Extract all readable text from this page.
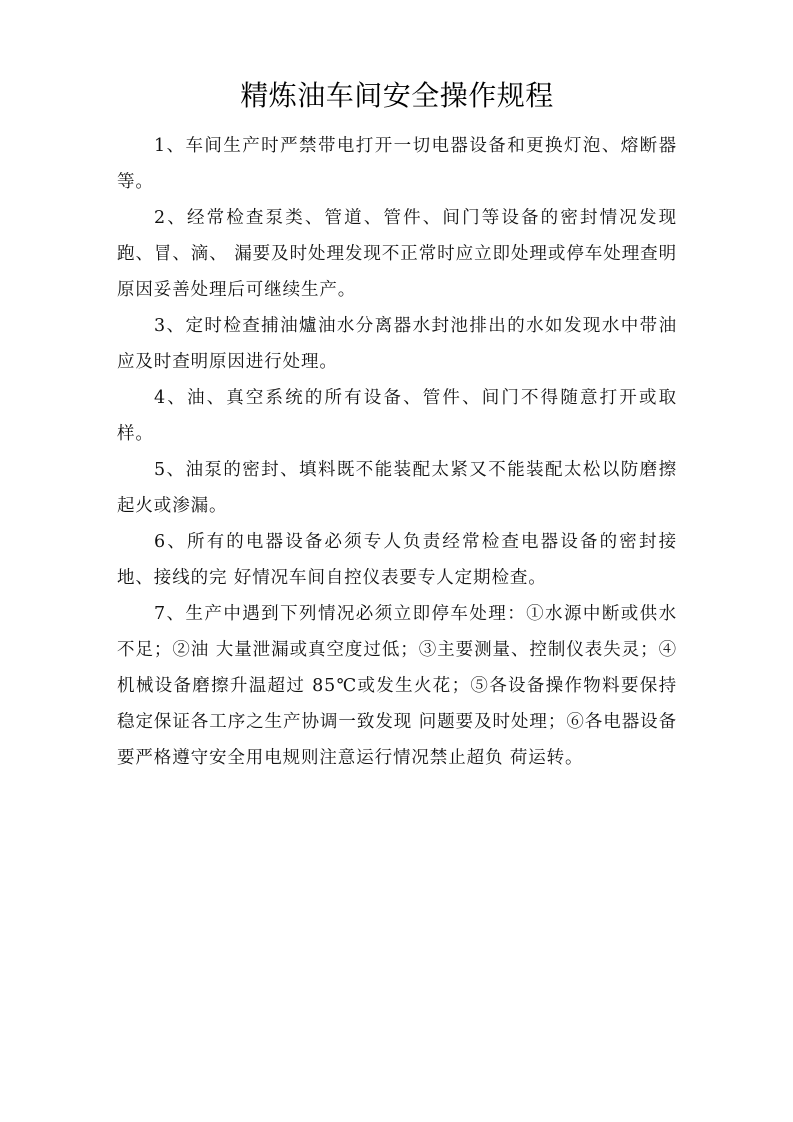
精炼油车间安全操作规程

1、车间生产时严禁带电打开一切电器设备和更换灯泡、熔断器等。

2、经常检查泵类、管道、管件、间门等设备的密封情况发现跑、冒、滴、 漏要及时处理发现不正常时应立即处理或停车处理查明原因妥善处理后可继续生产。

3、定时检查捕油爐油水分离器水封池排出的水如发现水中带油应及时查明原因进行处理。

4、油、真空系统的所有设备、管件、间门不得随意打开或取样。

5、油泵的密封、填料既不能装配太紧又不能装配太松以防磨擦起火或渗漏。

6、所有的电器设备必须专人负责经常检查电器设备的密封接地、接线的完 好情况车间自控仪表要专人定期检查。

7、生产中遇到下列情况必须立即停车处理：①水源中断或供水不足；②油 大量泄漏或真空度过低；③主要测量、控制仪表失灵；④机械设备磨擦升温超过 85℃或发生火花；⑤各设备操作物料要保持稳定保证各工序之生产协调一致发现 问题要及时处理；⑥各电器设备要严格遵守安全用电规则注意运行情况禁止超负 荷运转。
